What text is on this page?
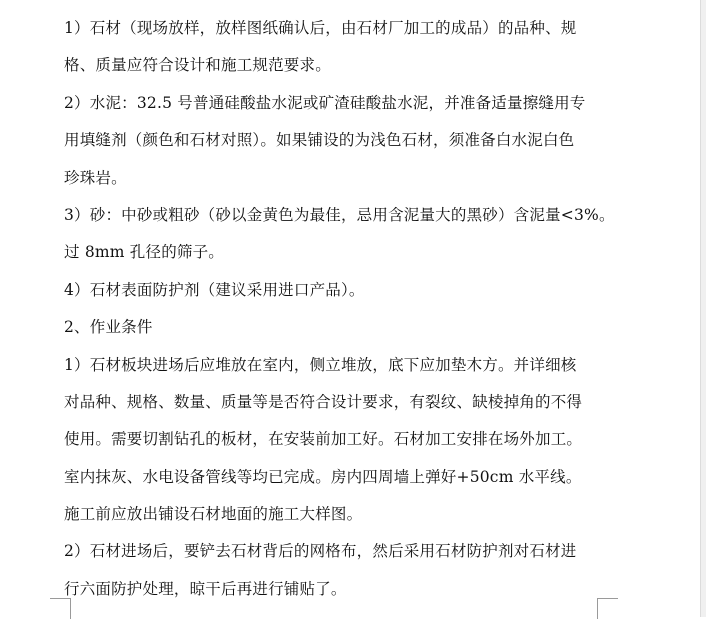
1）石材（现场放样，放样图纸确认后，由石材厂加工的成品）的品种、规
格、质量应符合设计和施工规范要求。
2）水泥：32.5 号普通硅酸盐水泥或矿渣硅酸盐水泥，并准备适量擦缝用专
用填缝剂（颜色和石材对照）。如果铺设的为浅色石材，须准备白水泥白色
珍珠岩。
3）砂：中砂或粗砂（砂以金黄色为最佳，忌用含泥量大的黑砂）含泥量<3%。
过 8mm 孔径的筛子。
4）石材表面防护剂（建议采用进口产品）。
2、作业条件
1）石材板块进场后应堆放在室内，侧立堆放，底下应加垫木方。并详细核
对品种、规格、数量、质量等是否符合设计要求，有裂纹、缺棱掉角的不得
使用。需要切割钻孔的板材，在安装前加工好。石材加工安排在场外加工。
室内抹灰、水电设备管线等均已完成。房内四周墙上弹好+50cm 水平线。
施工前应放出铺设石材地面的施工大样图。
2）石材进场后，要铲去石材背后的网格布，然后采用石材防护剂对石材进
行六面防护处理，晾干后再进行铺贴了。
